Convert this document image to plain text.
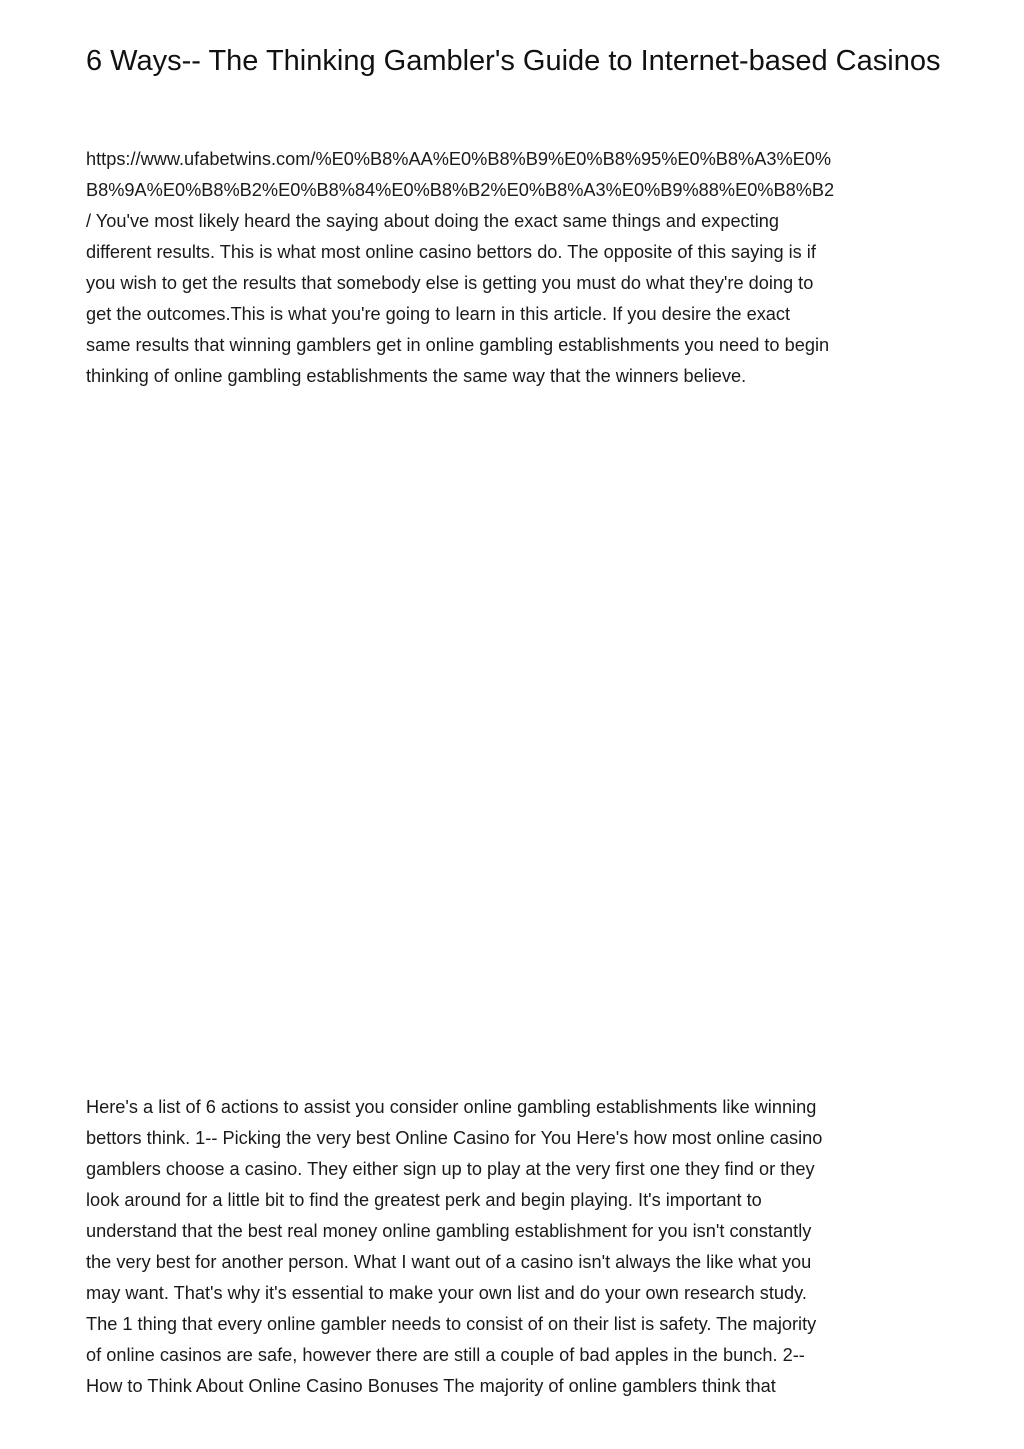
6 Ways-- The Thinking Gambler's Guide to Internet-based Casinos

https://www.ufabetwins.com/%E0%B8%AA%E0%B8%B9%E0%B8%95%E0%B8%A3%E0%
B8%9A%E0%B8%B2%E0%B8%84%E0%B8%B2%E0%B8%A3%E0%B9%88%E0%B8%B2
/ You've most likely heard the saying about doing the exact same things and expecting
different results. This is what most online casino bettors do. The opposite of this saying is if
you wish to get the results that somebody else is getting you must do what they're doing to
get the outcomes.This is what you're going to learn in this article. If you desire the exact
same results that winning gamblers get in online gambling establishments you need to begin
thinking of online gambling establishments the same way that the winners believe.

Here's a list of 6 actions to assist you consider online gambling establishments like winning
bettors think. 1-- Picking the very best Online Casino for You Here's how most online casino
gamblers choose a casino. They either sign up to play at the very first one they find or they
look around for a little bit to find the greatest perk and begin playing. It's important to
understand that the best real money online gambling establishment for you isn't constantly
the very best for another person. What I want out of a casino isn't always the like what you
may want. That's why it's essential to make your own list and do your own research study.
The 1 thing that every online gambler needs to consist of on their list is safety. The majority
of online casinos are safe, however there are still a couple of bad apples in the bunch. 2--
How to Think About Online Casino Bonuses The majority of online gamblers think that
